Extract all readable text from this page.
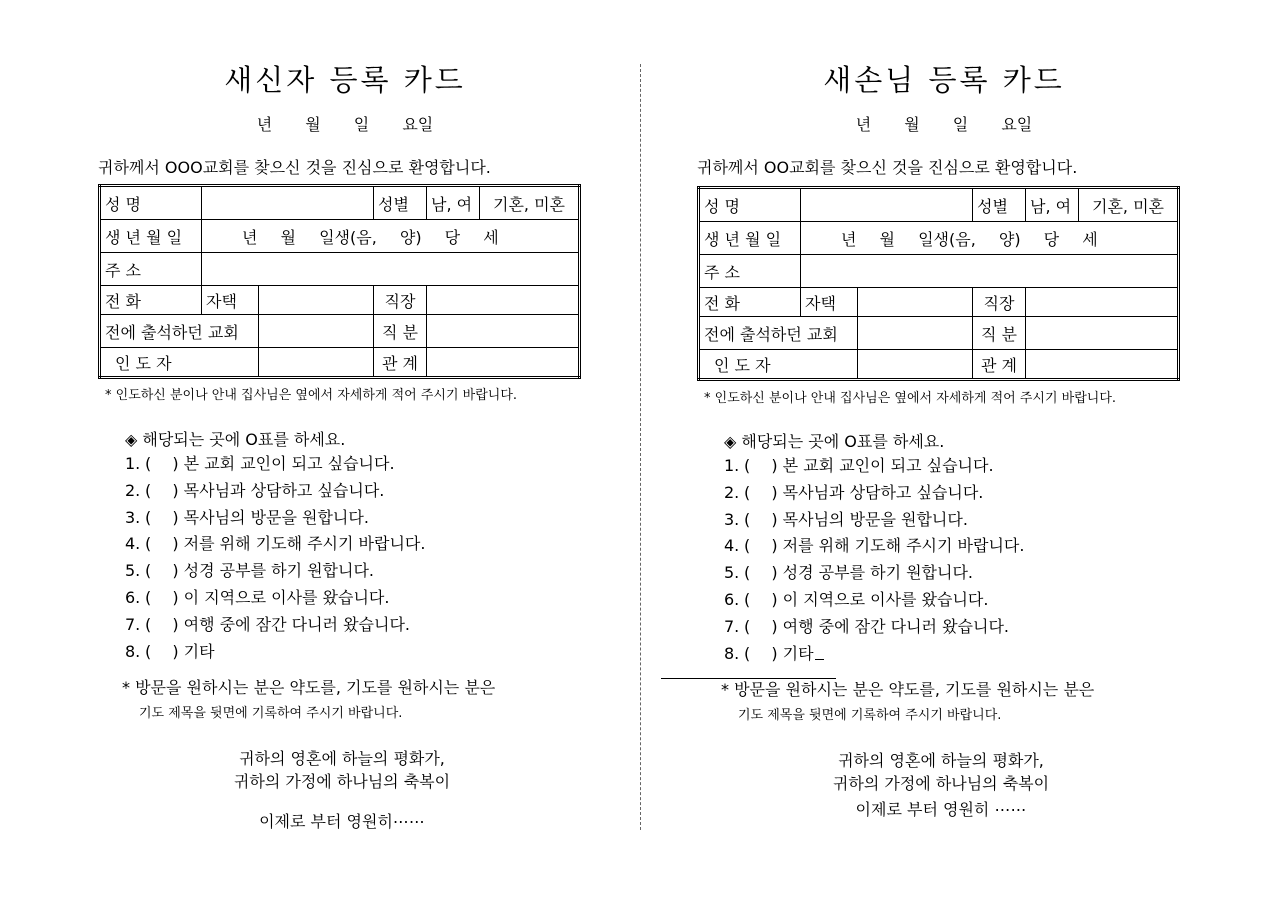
새신자 등록 카드
년 월 일 요일
귀하께서 OOO교회를 찾으신 것을 진심으로 환영합니다.
성 명			성별	남, 여	기혼, 미혼
생 년 월 일	년 월 일생(음, 양) 당 세				
주 소					
전 화	자택		직장		
전에 출석하던 교회			직 분		
인 도 자			관 계		
* 인도하신 분이나 안내 집사님은 옆에서 자세하게 적어 주시기 바랍니다.
◈ 해당되는 곳에 O표를 하세요.
1. (　 ) 본 교회 교인이 되고 싶습니다.
2. (　 ) 목사님과 상담하고 싶습니다.
3. (　 ) 목사님의 방문을 원합니다.
4. (　 ) 저를 위해 기도해 주시기 바랍니다.
5. (　 ) 성경 공부를 하기 원합니다.
6. (　 ) 이 지역으로 이사를 왔습니다.
7. (　 ) 여행 중에 잠간 다니러 왔습니다.
8. (　 ) 기타
* 방문을 원하시는 분은 약도를, 기도를 원하시는 분은
기도 제목을 뒷면에 기록하여 주시기 바랍니다.
귀하의 영혼에 하늘의 평화가,
귀하의 가정에 하나님의 축복이
이제로 부터 영원히⋯⋯
새손님 등록 카드
년 월 일 요일
귀하께서 OO교회를 찾으신 것을 진심으로 환영합니다.
성 명			성별	남, 여	기혼, 미혼
생 년 월 일	년 월 일생(음, 양) 당 세				
주 소					
전 화	자택		직장		
전에 출석하던 교회			직 분		
인 도 자			관 계		
* 인도하신 분이나 안내 집사님은 옆에서 자세하게 적어 주시기 바랍니다.
◈ 해당되는 곳에 O표를 하세요.
1. (　 ) 본 교회 교인이 되고 싶습니다.
2. (　 ) 목사님과 상담하고 싶습니다.
3. (　 ) 목사님의 방문을 원합니다.
4. (　 ) 저를 위해 기도해 주시기 바랍니다.
5. (　 ) 성경 공부를 하기 원합니다.
6. (　 ) 이 지역으로 이사를 왔습니다.
7. (　 ) 여행 중에 잠간 다니러 왔습니다.
8. (　 ) 기타
* 방문을 원하시는 분은 약도를, 기도를 원하시는 분은
기도 제목을 뒷면에 기록하여 주시기 바랍니다.
귀하의 영혼에 하늘의 평화가,
귀하의 가정에 하나님의 축복이
이제로 부터 영원히 ⋯⋯
